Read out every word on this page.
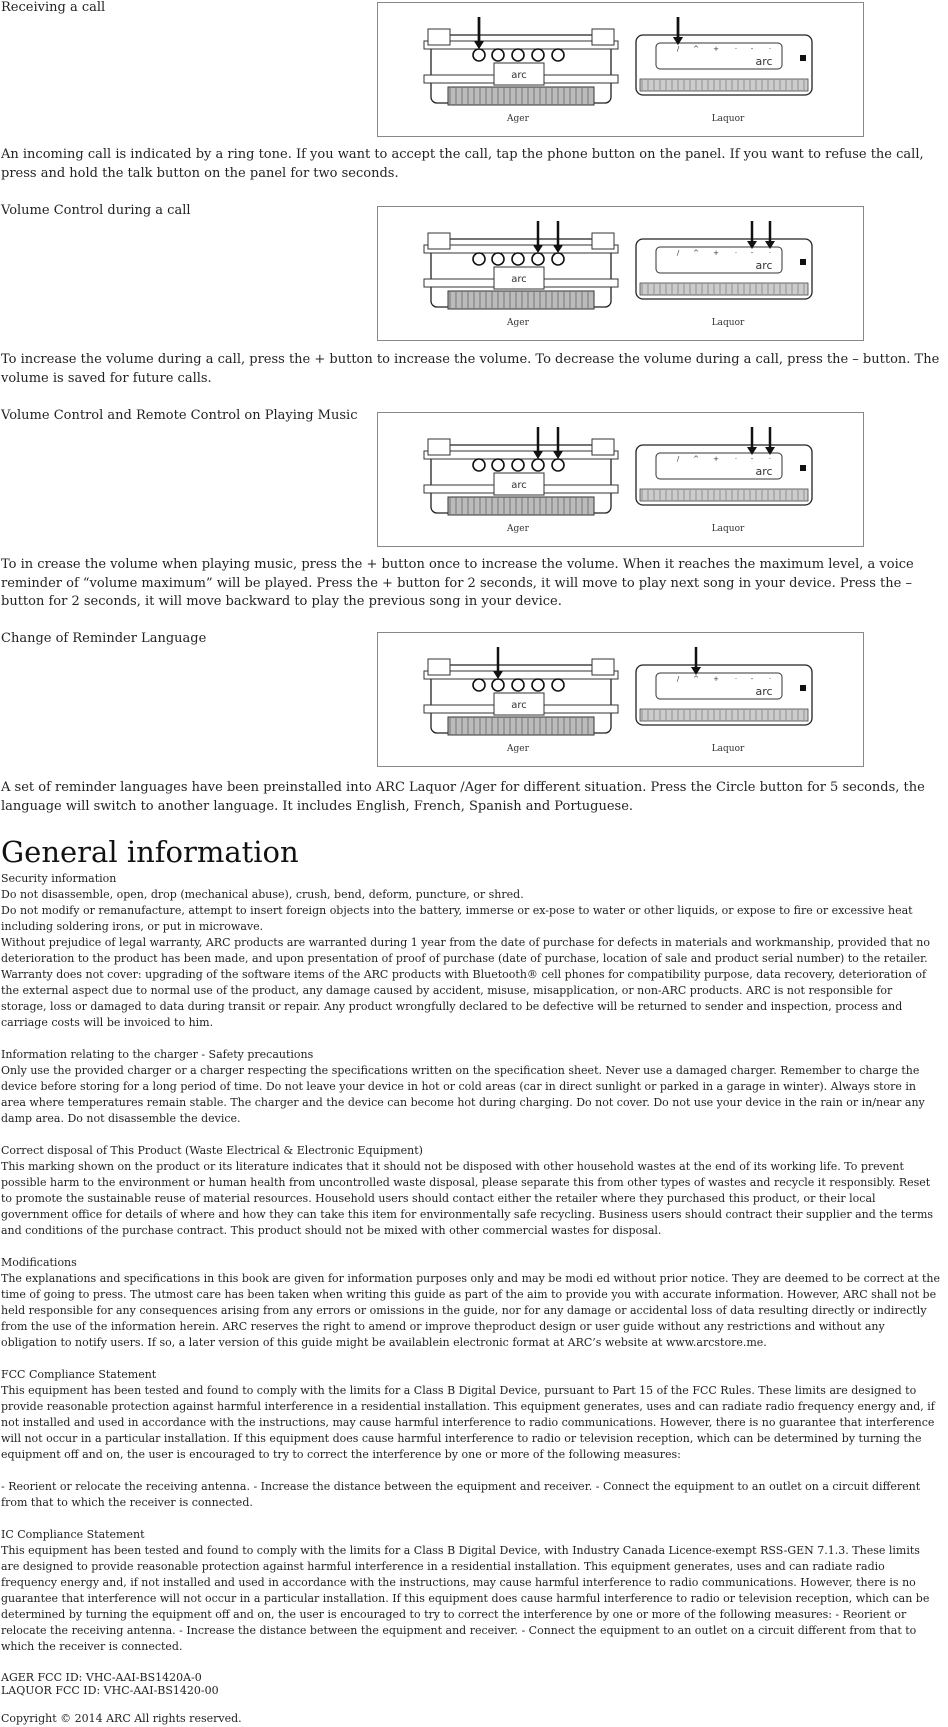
Receiving a call
arc
Ager
/ ^ + · - ·
arc
Laquor
An incoming call is indicated by a ring tone. If you want to accept the call, tap the phone button on the panel. If you want to refuse the call, press and hold the talk button on the panel for two seconds.
Volume Control during a call
arc
Ager
/ ^ + · - ·
arc
Laquor
To increase the volume during a call, press the + button to increase the volume. To decrease the volume during a call, press the – button. The volume is saved for future calls.
Volume Control and Remote Control on Playing Music
arc
Ager
/ ^ + · - ·
arc
Laquor
To in crease the volume when playing music, press the + button once to increase the volume. When it reaches the maximum level, a voice reminder of “volume maximum” will be played. Press the + button for 2 seconds, it will move to play next song in your device. Press the – button for 2 seconds, it will move backward to play the previous song in your device.
Change of Reminder Language
arc
Ager
/ ^ + · - ·
arc
Laquor
A set of reminder languages have been preinstalled into ARC Laquor /Ager for different situation. Press the Circle button for 5 seconds, the language will switch to another language. It includes English, French, Spanish and Portuguese.
General information

Security information

Do not disassemble, open, drop (mechanical abuse), crush, bend, deform, puncture, or shred.

Do not modify or remanufacture, attempt to insert foreign objects into the battery, immerse or ex-pose to water or other liquids, or expose to fire or excessive heat including soldering irons, or put in microwave.

Without prejudice of legal warranty, ARC products are warranted during 1 year from the date of purchase for defects in materials and workmanship, provided that no deterioration to the product has been made, and upon presentation of proof of purchase (date of purchase, location of sale and product serial number) to the retailer.

Warranty does not cover: upgrading of the software items of the ARC products with Bluetooth® cell phones for compatibility purpose, data recovery, deterioration of the external aspect due to normal use of the product, any damage caused by accident, misuse, misapplication, or non-ARC products. ARC is not responsible for storage, loss or damaged to data during transit or repair. Any product wrongfully declared to be defective will be returned to sender and inspection, process and carriage costs will be invoiced to him.

Information relating to the charger - Safety precautions

Only use the provided charger or a charger respecting the specifications written on the specification sheet. Never use a damaged charger. Remember to charge the device before storing for a long period of time. Do not leave your device in hot or cold areas (car in direct sunlight or parked in a garage in winter). Always store in area where temperatures remain stable. The charger and the device can become hot during charging. Do not cover. Do not use your device in the rain or in/near any damp area. Do not disassemble the device.

Correct disposal of This Product (Waste Electrical & Electronic Equipment)

This marking shown on the product or its literature indicates that it should not be disposed with other household wastes at the end of its working life. To prevent possible harm to the environment or human health from uncontrolled waste disposal, please separate this from other types of wastes and recycle it responsibly. Reset to promote the sustainable reuse of material resources. Household users should contact either the retailer where they purchased this product, or their local government office for details of where and how they can take this item for environmentally safe recycling. Business users should contract their supplier and the terms and conditions of the purchase contract. This product should not be mixed with other commercial wastes for disposal.

Modifications

The explanations and specifications in this book are given for information purposes only and may be modi ed without prior notice. They are deemed to be correct at the time of going to press. The utmost care has been taken when writing this guide as part of the aim to provide you with accurate information. However, ARC shall not be held responsible for any consequences arising from any errors or omissions in the guide, nor for any damage or accidental loss of data resulting directly or indirectly from the use of the information herein. ARC reserves the right to amend or improve theproduct design or user guide without any restrictions and without any obligation to notify users. If so, a later version of this guide might be availablein electronic format at ARC’s website at www.arcstore.me.

FCC Compliance Statement

This equipment has been tested and found to comply with the limits for a Class B Digital Device, pursuant to Part 15 of the FCC Rules. These limits are designed to provide reasonable protection against harmful interference in a residential installation. This equipment generates, uses and can radiate radio frequency energy and, if not installed and used in accordance with the instructions, may cause harmful interference to radio communications. However, there is no guarantee that interference will not occur in a particular installation. If this equipment does cause harmful interference to radio or television reception, which can be determined by turning the equipment off and on, the user is encouraged to try to correct the interference by one or more of the following measures:

- Reorient or relocate the receiving antenna. - Increase the distance between the equipment and receiver. - Connect the equipment to an outlet on a circuit different from that to which the receiver is connected.

IC Compliance Statement

This equipment has been tested and found to comply with the limits for a Class B Digital Device, with Industry Canada Licence-exempt RSS-GEN 7.1.3. These limits are designed to provide reasonable protection against harmful interference in a residential installation. This equipment generates, uses and can radiate radio frequency energy and, if not installed and used in accordance with the instructions, may cause harmful interference to radio communications. However, there is no guarantee that interference will not occur in a particular installation. If this equipment does cause harmful interference to radio or television reception, which can be determined by turning the equipment off and on, the user is encouraged to try to correct the interference by one or more of the following measures: - Reorient or relocate the receiving antenna. - Increase the distance between the equipment and receiver. - Connect the equipment to an outlet on a circuit different from that to which the receiver is connected.

AGER FCC ID: VHC-AAI-BS1420A-0

LAQUOR FCC ID: VHC-AAI-BS1420-00

Copyright © 2014 ARC All rights reserved.
